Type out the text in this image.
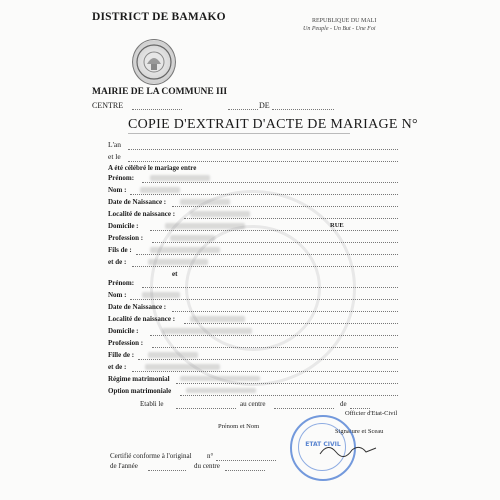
DISTRICT DE BAMAKO	REPUBLIQUE DU MALI
Un Peuple - Un But - Une Foi
MAIRIE DE LA COMMUNE III
CENTRE	DE
COPIE D'EXTRAIT D'ACTE DE MARIAGE N°
L'an
et le
A été célébré le mariage entre
Prénom:
Nom :
Date de Naissance :
Localité de naissance :
Domicile :	RUE
Profession :
Fils de :
et de :
et
Prénom:
Nom :
Date de Naissance :
Localité de naissance :
Domicile :
Profession :
Fille de :
et de :
Régime matrimonial
Option matrimoniale
Etabli le	au centre	de
Officier d'Etat-Civil
Prénom et Nom
Signature et Sceau
ETAT CIVIL
Certifié conforme à l'original n°
de l'année	du centre
